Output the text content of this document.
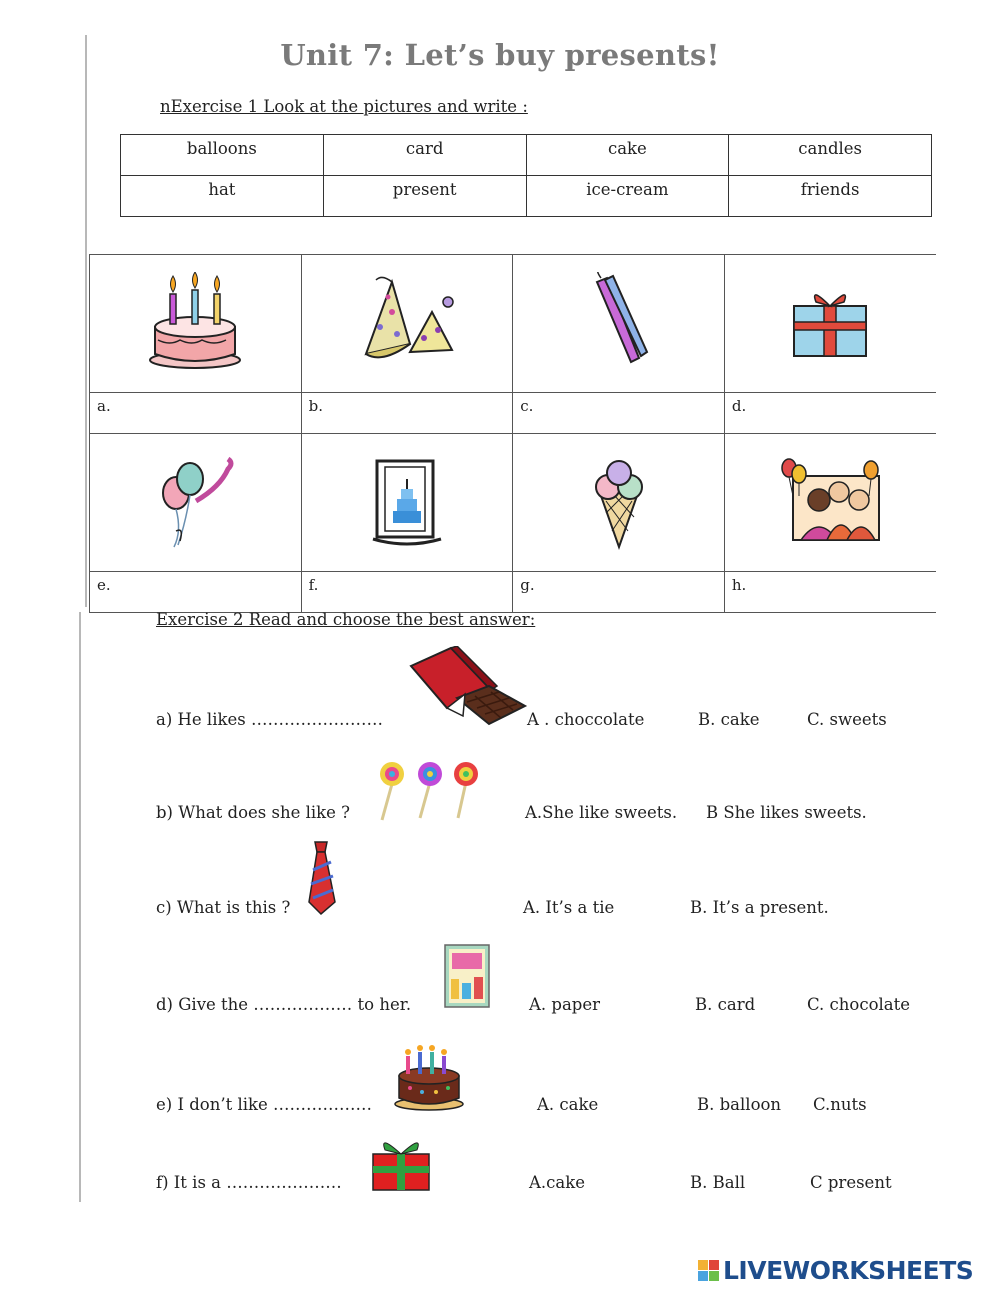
Unit 7: Let’s buy presents!
nExercise 1 Look at the pictures and write :
balloons	card	cake	candles
hat	present	ice-cream	friends

a.	b.	c.	d.

e.	f.	g.	h.
Exercise 2 Read and choose the best answer:
a) He likes ……………………	A . choccolate	B. cake	C. sweets
b) What does she like ?	A.She like sweets. B She likes sweets.
c) What is this ?	A. It’s a tie	B. It’s a present.
d) Give the ……………… to her.	A. paper	B. card	C. chocolate
e) I don’t like ………………	A. cake	B. balloon C.nuts
f) It is a …………………	A.cake	B. Ball	C present
LIVEWORKSHEETS
